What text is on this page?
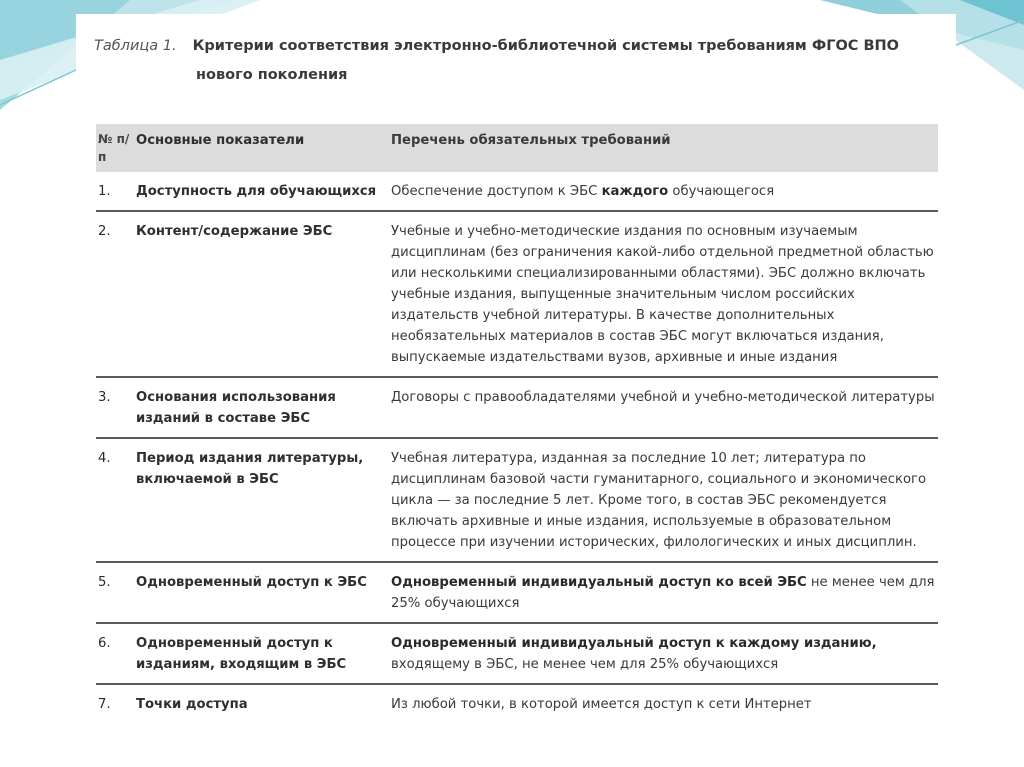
Таблица 1. Критерии соответствия электронно-библиотечной системы требованиям ФГОС ВПО
нового поколения
№ п/п	Основные показатели	Перечень обязательных требований
1.	Доступность для обучающихся	Обеспечение доступом к ЭБС каждого обучающегося
2.	Контент/содержание ЭБС	Учебные и учебно-методические издания по основным изучаемым дисциплинам (без ограничения какой-либо отдельной предметной областью или несколькими специализированными областями). ЭБС должно включать учебные издания, выпущенные значительным числом российских издательств учебной литературы. В качестве дополнительных необязательных материалов в состав ЭБС могут включаться издания, выпускаемые издательствами вузов, архивные и иные издания
3.	Основания использования изданий в составе ЭБС	Договоры с правообладателями учебной и учебно-методической литературы
4.	Период издания литературы, включаемой в ЭБС	Учебная литература, изданная за последние 10 лет; литература по дисциплинам базовой части гуманитарного, социального и экономического цикла — за последние 5 лет. Кроме того, в состав ЭБС рекомендуется включать архивные и иные издания, используемые в образовательном процессе при изучении исторических, филологических и иных дисциплин.
5.	Одновременный доступ к ЭБС	Одновременный индивидуальный доступ ко всей ЭБС не менее чем для 25% обучающихся
6.	Одновременный доступ к изданиям, входящим в ЭБС	Одновременный индивидуальный доступ к каждому изданию, входящему в ЭБС, не менее чем для 25% обучающихся
7.	Точки доступа	Из любой точки, в которой имеется доступ к сети Интернет
